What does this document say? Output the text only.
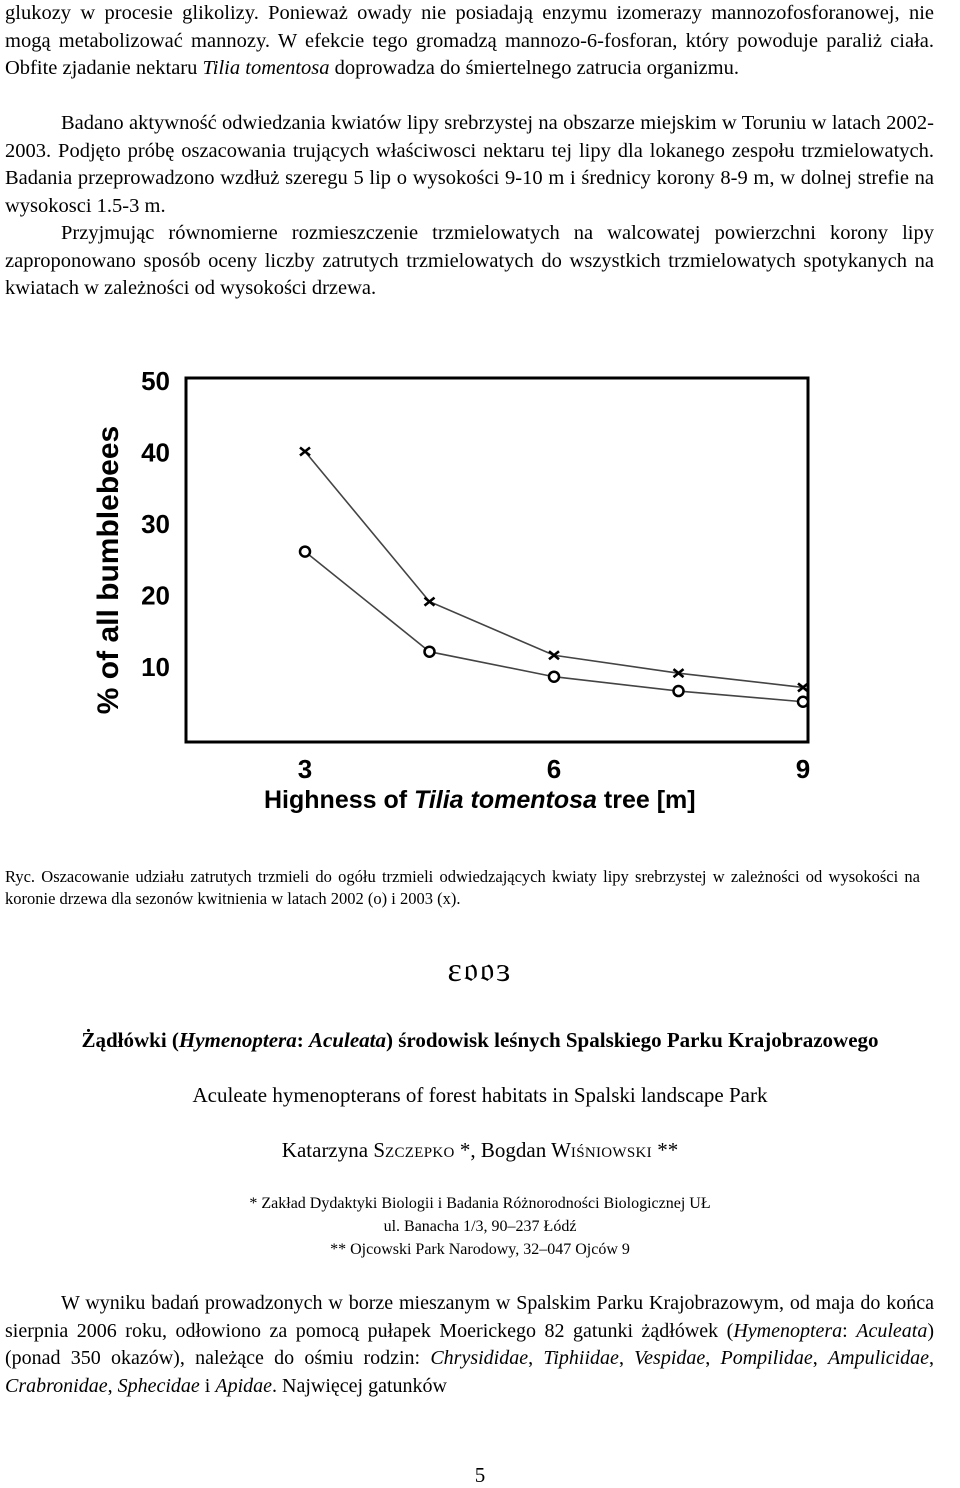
glukozy w procesie glikolizy. Ponieważ owady nie posiadają enzymu izomerazy mannozofosforanowej, nie mogą metabolizować mannozy. W efekcie tego gromadzą mannozo-6-fosforan, który powoduje paraliż ciała. Obfite zjadanie nektaru Tilia tomentosa doprowadza do śmiertelnego zatrucia organizmu.

Badano aktywność odwiedzania kwiatów lipy srebrzystej na obszarze miejskim w Toruniu w latach 2002-2003. Podjęto próbę oszacowania trujących właściwosci nektaru tej lipy dla lokanego zespołu trzmielowatych. Badania przeprowadzono wzdłuż szeregu 5 lip o wysokości 9-10 m i średnicy korony 8-9 m, w dolnej strefie na wysokosci 1.5-3 m.

Przyjmując równomierne rozmieszczenie trzmielowatych na walcowatej powierzchni korony lipy zaproponowano sposób oceny liczby zatrutych trzmielowatych do wszystkich trzmielowatych spotykanych na kwiatach w zależności od wysokości drzewa.

50
40
30
20
10
3	6	9
% of all bumblebees
Highness of Tilia tomentosa tree [m]

Ryc. Oszacowanie udziału zatrutych trzmieli do ogółu trzmieli odwiedzających kwiaty lipy srebrzystej w zależności od wysokości na koronie drzewa dla sezonów kwitnienia w latach 2002 (o) i 2003 (x).

ɛ𝔬𝔬ɜ

Żądłówki (Hymenoptera: Aculeata) środowisk leśnych Spalskiego Parku Krajobrazowego

Aculeate hymenopterans of forest habitats in Spalski landscape Park

Katarzyna SZCZEPKO *, Bogdan WIŚNIOWSKI **

* Zakład Dydaktyki Biologii i Badania Różnorodności Biologicznej UŁ

ul. Banacha 1/3, 90–237 Łódź

** Ojcowski Park Narodowy, 32–047 Ojców 9

W wyniku badań prowadzonych w borze mieszanym w Spalskim Parku Krajobrazowym, od maja do końca sierpnia 2006 roku, odłowiono za pomocą pułapek Moerickego 82 gatunki żądłówek (Hymenoptera: Aculeata) (ponad 350 okazów), należące do ośmiu rodzin: Chrysididae, Tiphiidae, Vespidae, Pompilidae, Ampulicidae, Crabronidae, Sphecidae i Apidae. Najwięcej gatunków

5
